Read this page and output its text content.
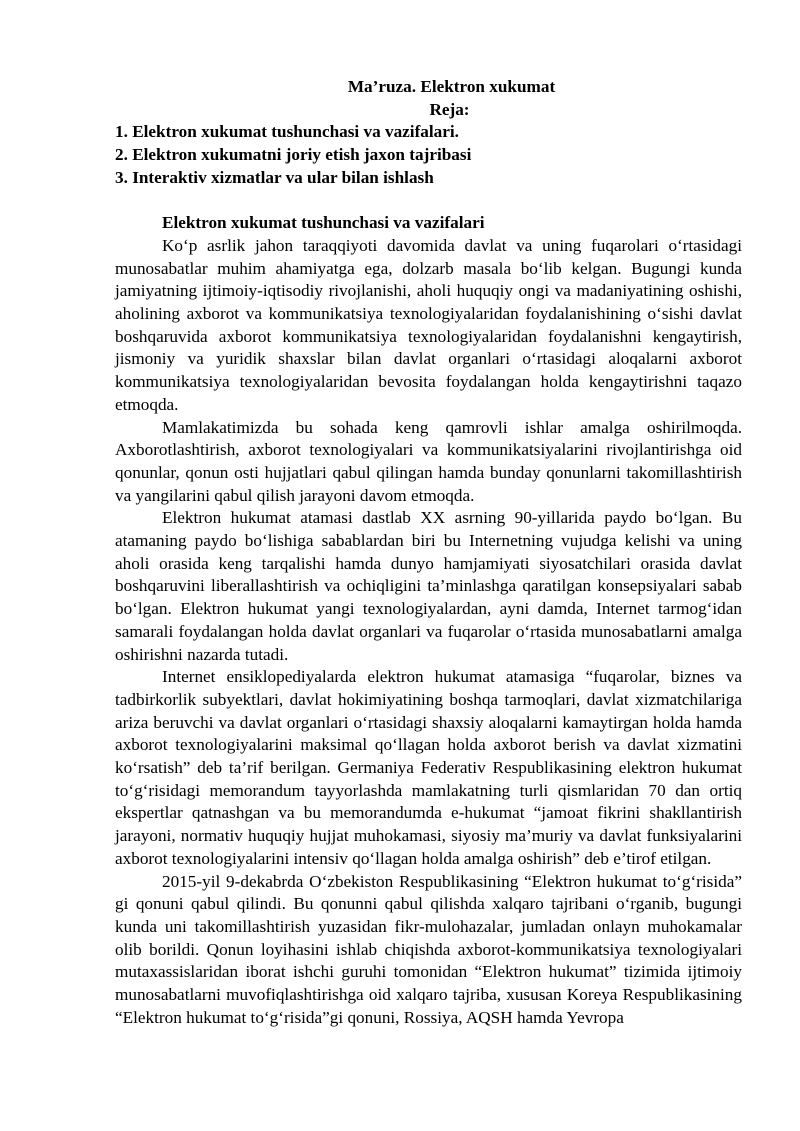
Ma’ruza. Elektron xukumat
Reja:
1. Elektron xukumat tushunchasi va vazifalari.
2. Elektron xukumatni joriy etish jaxon tajribasi
3. Interaktiv xizmatlar va ular bilan ishlash

Elektron xukumat tushunchasi va vazifalari

Ko‘p asrlik jahon taraqqiyoti davomida davlat va uning fuqarolari o‘rtasidagi munosabatlar muhim ahamiyatga ega, dolzarb masala bo‘lib kelgan. Bugungi kunda jamiyatning ijtimoiy-iqtisodiy rivojlanishi, aholi huquqiy ongi va madaniyatining oshishi, aholining axborot va kommunikatsiya texnologiyalaridan foydalanishining o‘sishi davlat boshqaruvida axborot kommunikatsiya texnologiyalaridan foydalanishni kengaytirish, jismoniy va yuridik shaxslar bilan davlat organlari o‘rtasidagi aloqalarni axborot kommunikatsiya texnologiyalaridan bevosita foydalangan holda kengaytirishni taqazo etmoqda.

Mamlakatimizda bu sohada keng qamrovli ishlar amalga oshirilmoqda. Axborotlashtirish, axborot texnologiyalari va kommunikatsiyalarini rivojlantirishga oid qonunlar, qonun osti hujjatlari qabul qilingan hamda bunday qonunlarni takomillashtirish va yangilarini qabul qilish jarayoni davom etmoqda.

Elektron hukumat atamasi dastlab XX asrning 90-yillarida paydo bo‘lgan. Bu atamaning paydo bo‘lishiga sabablardan biri bu Internetning vujudga kelishi va uning aholi orasida keng tarqalishi hamda dunyo hamjamiyati siyosatchilari orasida davlat boshqaruvini liberallashtirish va ochiqligini ta’minlashga qaratilgan konsepsiyalari sabab bo‘lgan. Elektron hukumat yangi texnologiyalardan, ayni damda, Internet tarmog‘idan samarali foydalangan holda davlat organlari va fuqarolar o‘rtasida munosabatlarni amalga oshirishni nazarda tutadi.

Internet ensiklopediyalarda elektron hukumat atamasiga “fuqarolar, biznes va tadbirkorlik subyektlari, davlat hokimiyatining boshqa tarmoqlari, davlat xizmatchilariga ariza beruvchi va davlat organlari o‘rtasidagi shaxsiy aloqalarni kamaytirgan holda hamda axborot texnologiyalarini maksimal qo‘llagan holda axborot berish va davlat xizmatini ko‘rsatish” deb ta’rif berilgan. Germaniya Federativ Respublikasining elektron hukumat to‘g‘risidagi memorandum tayyorlashda mamlakatning turli qismlaridan 70 dan ortiq ekspertlar qatnashgan va bu memorandumda e-hukumat “jamoat fikrini shakllantirish jarayoni, normativ huquqiy hujjat muhokamasi, siyosiy ma’muriy va davlat funksiyalarini axborot texnologiyalarini intensiv qo‘llagan holda amalga oshirish” deb e’tirof etilgan.

2015-yil 9-dekabrda O‘zbekiston Respublikasining “Elektron hukumat to‘g‘risida” gi qonuni qabul qilindi. Bu qonunni qabul qilishda xalqaro tajribani o‘rganib, bugungi kunda uni takomillashtirish yuzasidan fikr-mulohazalar, jumladan onlayn muhokamalar olib borildi. Qonun loyihasini ishlab chiqishda axborot-kommunikatsiya texnologiyalari mutaxassislaridan iborat ishchi guruhi tomonidan “Elektron hukumat” tizimida ijtimoiy munosabatlarni muvofiqlashtirishga oid xalqaro tajriba, xususan Koreya Respublikasining “Elektron hukumat to‘g‘risida”gi qonuni, Rossiya, AQSH hamda Yevropa
